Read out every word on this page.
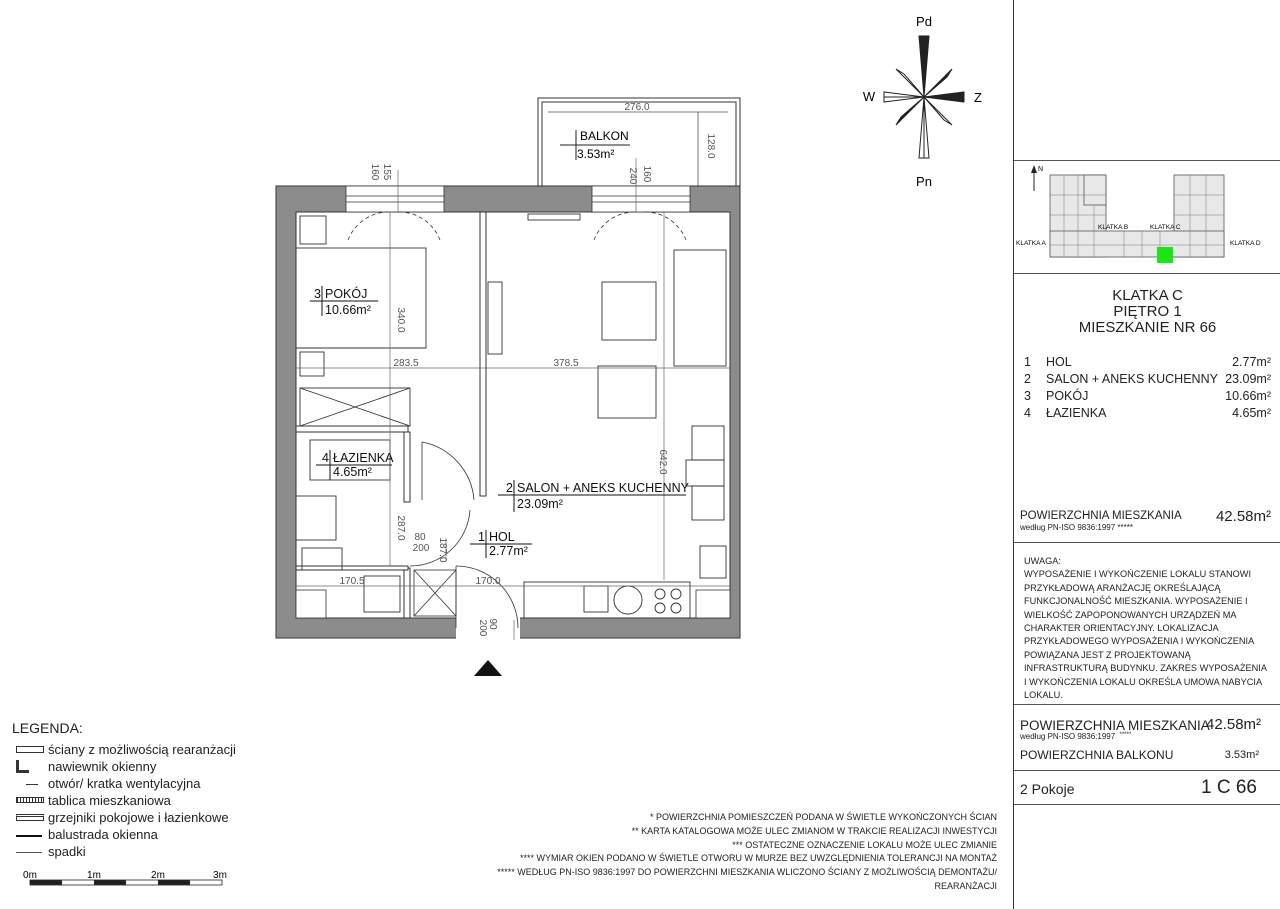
Pd
Pn
W	Z
276.0
128.0
BALKON
3.53m²
160 155	160
240
340.0
283.5	378.5
642.0
287.0 80
200 187.0
170.5	170.0
90
200
3 POKÓJ
10.66m²
4 ŁAZIENKA
4.65m²
2 SALON + ANEKS KUCHENNY
23.09m²
1 HOL
2.77m²
0m	1m	2m	3m
LEGENDA:
ściany z możliwością rearanżacji
nawiewnik okienny
otwór/ kratka wentylacyjna
tablica mieszkaniowa
grzejniki pokojowe i łazienkowe
balustrada okienna
spadki
* POWIERZCHNIA POMIESZCZEŃ PODANA W ŚWIETLE WYKOŃCZONYCH ŚCIAN
** KARTA KATALOGOWA MOŻE ULEC ZMIANOM W TRAKCIE REALIZACJI INWESTYCJI
*** OSTATECZNE OZNACZENIE LOKALU MOŻE ULEC ZMIANIE
**** WYMIAR OKIEN PODANO W ŚWIETLE OTWORU W MURZE BEZ UWZGLĘDNIENIA TOLERANCJI NA MONTAŻ
***** WEDŁUG PN-ISO 9836:1997 DO POWIERZCHNI MIESZKANIA WLICZONO ŚCIANY Z MOŻLIWOŚCIĄ DEMONTAŻU/
REARANŻACJI
N
KLATKA A
KLATKA B	KLATKA C
KLATKA D
KLATKA C
PIĘTRO 1
MIESZKANIE NR 66
1	HOL	2.77m²
2	SALON + ANEKS KUCHENNY 23.09m²
3	POKÓJ	10.66m²
4	ŁAZIENKA	4.65m²
POWIERZCHNIA MIESZKANIA
według PN-ISO 9836:1997 *****
42.58m²
UWAGA:
WYPOSAŻENIE I WYKOŃCZENIE LOKALU STANOWI PRZYKŁADOWĄ ARANŻACJĘ OKREŚLAJĄCĄ FUNKCJONALNOŚĆ MIESZKANIA. WYPOSAŻENIE I WIELKOŚĆ ZAPOPONOWANYCH URZĄDZEŃ MA CHARAKTER ORIENTACYJNY. LOKALIZACJA PRZYKŁADOWEGO WYPOSAŻENIA I WYKOŃCZENIA POWIĄZANA JEST Z PROJEKTOWANĄ INFRASTRUKTURĄ BUDYNKU. ZAKRES WYPOSAŻENIA I WYKOŃCZENIA LOKALU OKREŚLA UMOWA NABYCIA LOKALU.
POWIERZCHNIA MIESZKANIA
42.58m²
według PN-ISO 9836:1997 *****
POWIERZCHNIA BALKONU	3.53m²
2 Pokoje	1 C 66
